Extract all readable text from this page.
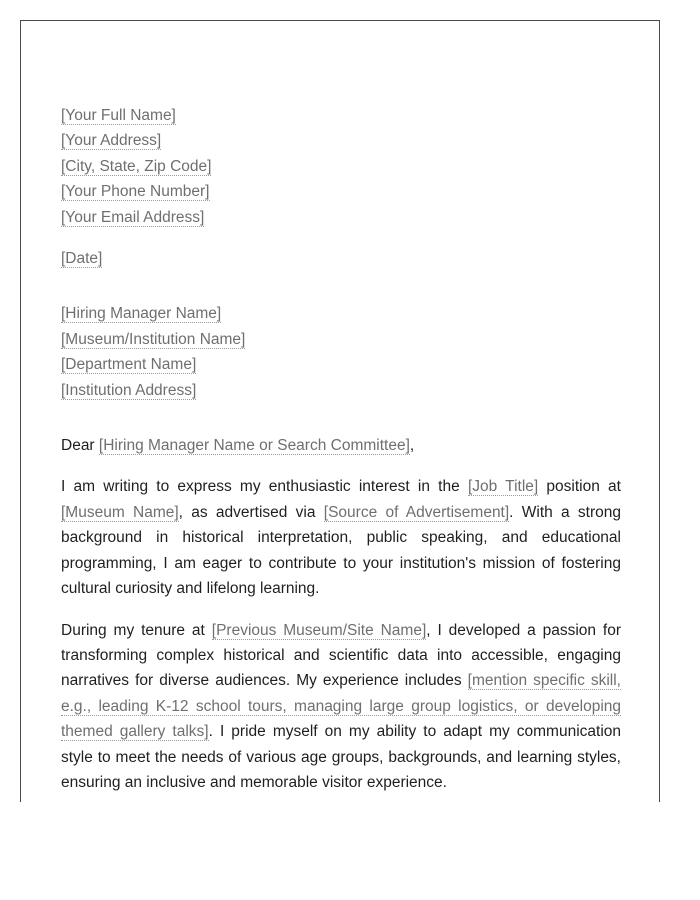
[Your Full Name]
[Your Address]
[City, State, Zip Code]
[Your Phone Number]
[Your Email Address]
[Date]
[Hiring Manager Name]
[Museum/Institution Name]
[Department Name]
[Institution Address]
Dear [Hiring Manager Name or Search Committee],

I am writing to express my enthusiastic interest in the [Job Title] position at [Museum Name], as advertised via [Source of Advertisement]. With a strong background in historical interpretation, public speaking, and educational programming, I am eager to contribute to your institution's mission of fostering cultural curiosity and lifelong learning.

During my tenure at [Previous Museum/Site Name], I developed a passion for transforming complex historical and scientific data into accessible, engaging narratives for diverse audiences. My experience includes [mention specific skill, e.g., leading K-12 school tours, managing large group logistics, or developing themed gallery talks]. I pride myself on my ability to adapt my communication style to meet the needs of various age groups, backgrounds, and learning styles, ensuring an inclusive and memorable visitor experience.
